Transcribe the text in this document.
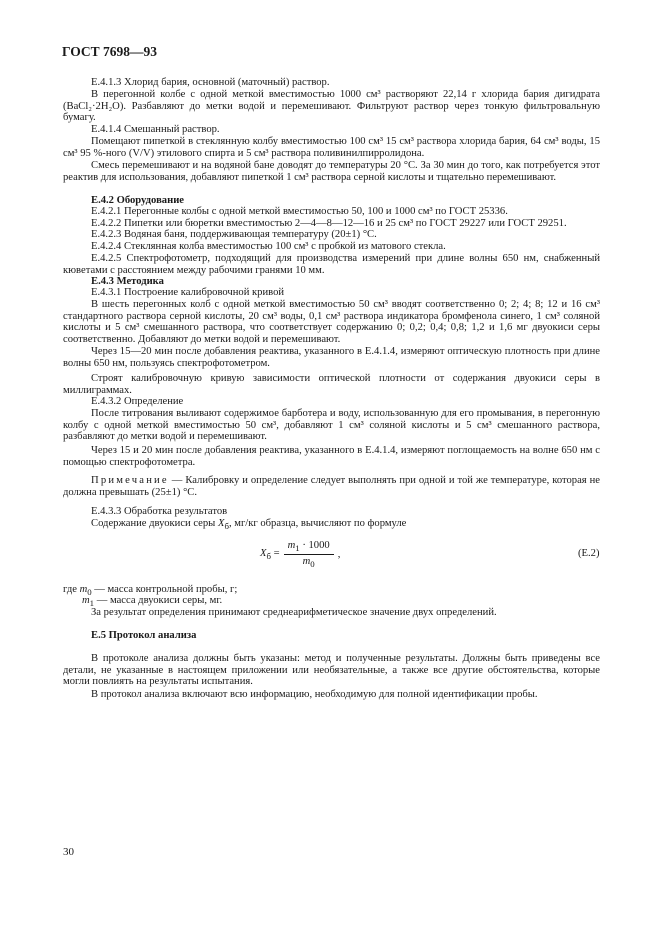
ГОСТ 7698—93
Е.4.1.3 Хлорид бария, основной (маточный) раствор.
В перегонной колбе с одной меткой вместимостью 1000 см³ растворяют 22,14 г хлорида бария дигидрата (BaCl₂·2H₂O). Разбавляют до метки водой и перемешивают. Фильтруют раствор через тонкую фильтровальную бумагу.
Е.4.1.4 Смешанный раствор.
Помещают пипеткой в стеклянную колбу вместимостью 100 см³ 15 см³ раствора хлорида бария, 64 см³ воды, 15 см³ 95 %-ного (V/V) этилового спирта и 5 см³ раствора поливинилпирролидона.
Смесь перемешивают и на водяной бане доводят до температуры 20 °С. За 30 мин до того, как потребуется этот реактив для использования, добавляют пипеткой 1 см³ раствора серной кислоты и тщательно перемешивают.
Е.4.2 Оборудование
Е.4.2.1 Перегонные колбы с одной меткой вместимостью 50, 100 и 1000 см³ по ГОСТ 25336.
Е.4.2.2 Пипетки или бюретки вместимостью 2—4—8—12—16 и 25 см³ по ГОСТ 29227 или ГОСТ 29251.
Е.4.2.3 Водяная баня, поддерживающая температуру (20±1) °С.
Е.4.2.4 Стеклянная колба вместимостью 100 см³ с пробкой из матового стекла.
Е.4.2.5 Спектрофотометр, подходящий для производства измерений при длине волны 650 нм, снабженный кюветами с расстоянием между рабочими гранями 10 мм.
Е.4.3 Методика
Е.4.3.1 Построение калибровочной кривой
В шесть перегонных колб с одной меткой вместимостью 50 см³ вводят соответственно 0; 2; 4; 8; 12 и 16 см³ стандартного раствора серной кислоты, 20 см³ воды, 0,1 см³ раствора индикатора бромфенола синего, 1 см³ соляной кислоты и 5 см³ смешанного раствора, что соответствует содержанию 0; 0,2; 0,4; 0,8; 1,2 и 1,6 мг двуокиси серы соответственно. Добавляют до метки водой и перемешивают.
Через 15—20 мин после добавления реактива, указанного в Е.4.1.4, измеряют оптическую плотность при длине волны 650 нм, пользуясь спектрофотометром.
Строят калибровочную кривую зависимости оптической плотности от содержания двуокиси серы в миллиграммах.
Е.4.3.2 Определение
После титрования выливают содержимое барботера и воду, использованную для его промывания, в перегонную колбу с одной меткой вместимостью 50 см³, добавляют 1 см³ соляной кислоты и 5 см³ смешанного раствора, разбавляют до метки водой и перемешивают.
Через 15 и 20 мин после добавления реактива, указанного в Е.4.1.4, измеряют поглощаемость на волне 650 нм с помощью спектрофотометра.
Примечание — Калибровку и определение следует выполнять при одной и той же температуре, которая не должна превышать (25±1) °С.
Е.4.3.3 Обработка результатов
Содержание двуокиси серы $X_б$, мг/кг образца, вычисляют по формуле
$X_б = \frac{m_1 \cdot 1000}{m_0}$ ,	(Е.2)
где $m_0$ — масса контрольной пробы, г;
$m_1$ — масса двуокиси серы, мг.
За результат определения принимают среднеарифметическое значение двух определений.
Е.5 Протокол анализа
В протоколе анализа должны быть указаны: метод и полученные результаты. Должны быть приведены все детали, не указанные в настоящем приложении или необязательные, а также все другие обстоятельства, которые могли повлиять на результаты испытания.
В протокол анализа включают всю информацию, необходимую для полной идентификации пробы.
30
